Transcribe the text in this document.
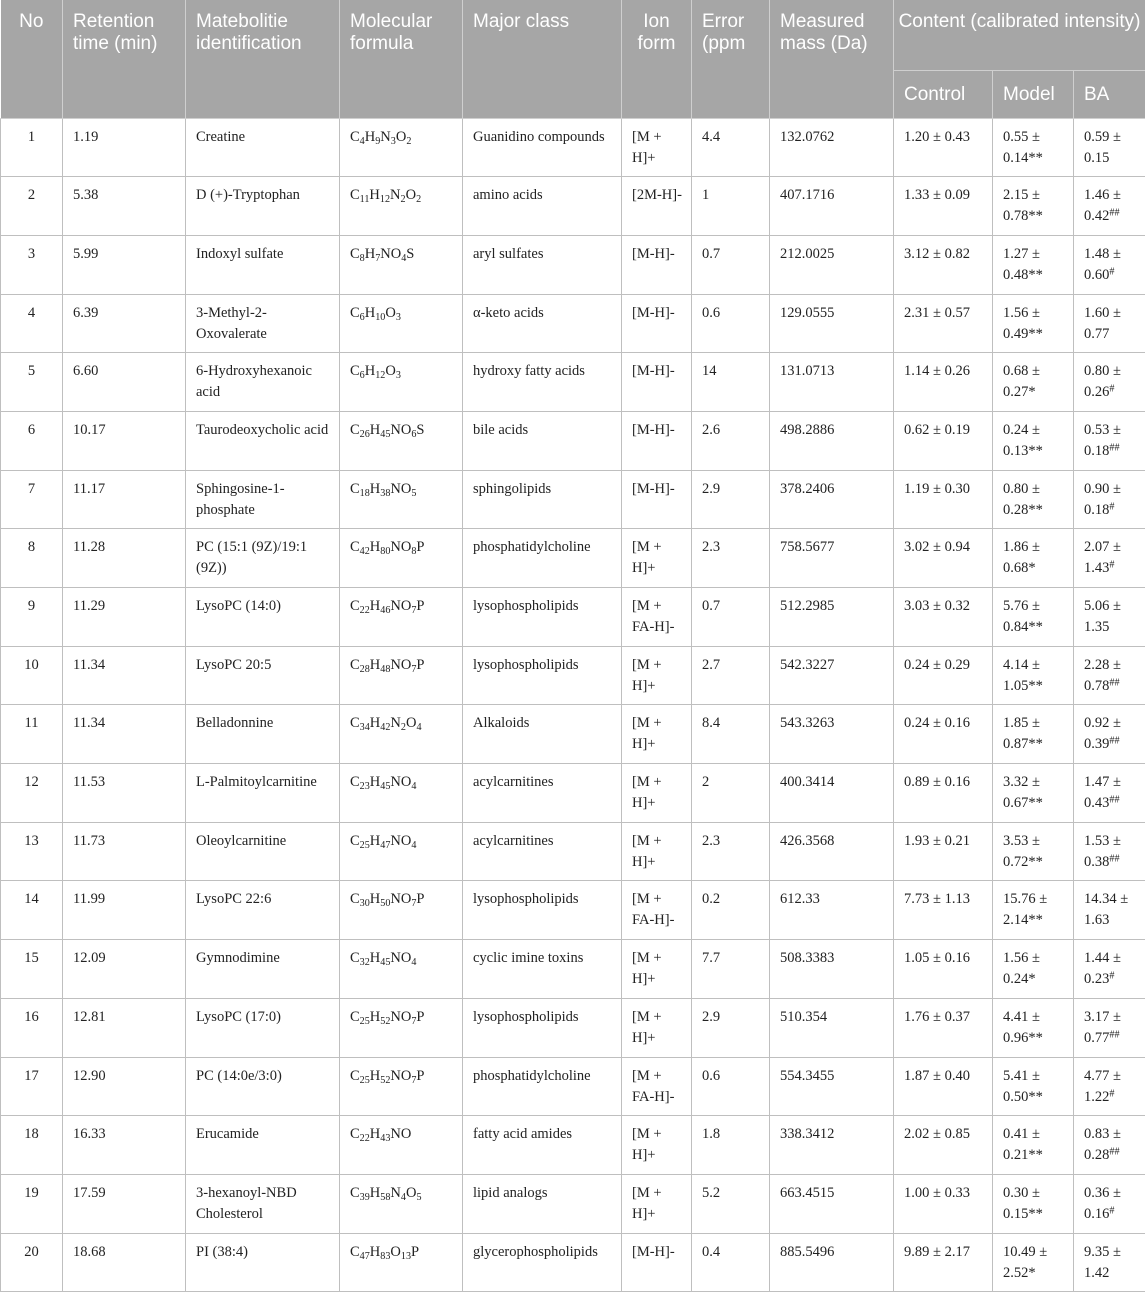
No	Retention time (min)	Matebolitie identification	Molecular formula	Major class	Ion form	Error (ppm	Measured mass (Da)	Content (calibrated intensity)		
								Control	Model	BA
1	1.19	Creatine	$C_4H_9N_3O_2$	Guanidino compounds	[M + H]+	4.4	132.0762	1.20 ± 0.43	0.55 ± 0.14**	0.59 ± 0.15
2	5.38	D (+)-Tryptophan	$C_{11}H_{12}N_2O_2$	amino acids	[2M-H]-	1	407.1716	1.33 ± 0.09	2.15 ± 0.78**	1.46 ± 0.42##
3	5.99	Indoxyl sulfate	$C_8H_7NO_4S$	aryl sulfates	[M-H]-	0.7	212.0025	3.12 ± 0.82	1.27 ± 0.48**	1.48 ± 0.60#
4	6.39	3-Methyl-2-Oxovalerate	$C_6H_{10}O_3$	α-keto acids	[M-H]-	0.6	129.0555	2.31 ± 0.57	1.56 ± 0.49**	1.60 ± 0.77
5	6.60	6-Hydroxyhexanoic acid	$C_6H_{12}O_3$	hydroxy fatty acids	[M-H]-	14	131.0713	1.14 ± 0.26	0.68 ± 0.27*	0.80 ± 0.26#
6	10.17	Taurodeoxycholic acid	$C_{26}H_{45}NO_6S$	bile acids	[M-H]-	2.6	498.2886	0.62 ± 0.19	0.24 ± 0.13**	0.53 ± 0.18##
7	11.17	Sphingosine-1-phosphate	$C_{18}H_{38}NO_5$	sphingolipids	[M-H]-	2.9	378.2406	1.19 ± 0.30	0.80 ± 0.28**	0.90 ± 0.18#
8	11.28	PC (15:1 (9Z)/19:1 (9Z))	$C_{42}H_{80}NO_8P$	phosphatidylcholine	[M + H]+	2.3	758.5677	3.02 ± 0.94	1.86 ± 0.68*	2.07 ± 1.43#
9	11.29	LysoPC (14:0)	$C_{22}H_{46}NO_7P$	lysophospholipids	[M + FA-H]-	0.7	512.2985	3.03 ± 0.32	5.76 ± 0.84**	5.06 ± 1.35
10	11.34	LysoPC 20:5	$C_{28}H_{48}NO_7P$	lysophospholipids	[M + H]+	2.7	542.3227	0.24 ± 0.29	4.14 ± 1.05**	2.28 ± 0.78##
11	11.34	Belladonnine	$C_{34}H_{42}N_2O_4$	Alkaloids	[M + H]+	8.4	543.3263	0.24 ± 0.16	1.85 ± 0.87**	0.92 ± 0.39##
12	11.53	L-Palmitoylcarnitine	$C_{23}H_{45}NO_4$	acylcarnitines	[M + H]+	2	400.3414	0.89 ± 0.16	3.32 ± 0.67**	1.47 ± 0.43##
13	11.73	Oleoylcarnitine	$C_{25}H_{47}NO_4$	acylcarnitines	[M + H]+	2.3	426.3568	1.93 ± 0.21	3.53 ± 0.72**	1.53 ± 0.38##
14	11.99	LysoPC 22:6	$C_{30}H_{50}NO_7P$	lysophospholipids	[M + FA-H]-	0.2	612.33	7.73 ± 1.13	15.76 ± 2.14**	14.34 ± 1.63
15	12.09	Gymnodimine	$C_{32}H_{45}NO_4$	cyclic imine toxins	[M + H]+	7.7	508.3383	1.05 ± 0.16	1.56 ± 0.24*	1.44 ± 0.23#
16	12.81	LysoPC (17:0)	$C_{25}H_{52}NO_7P$	lysophospholipids	[M + H]+	2.9	510.354	1.76 ± 0.37	4.41 ± 0.96**	3.17 ± 0.77##
17	12.90	PC (14:0e/3:0)	$C_{25}H_{52}NO_7P$	phosphatidylcholine	[M + FA-H]-	0.6	554.3455	1.87 ± 0.40	5.41 ± 0.50**	4.77 ± 1.22#
18	16.33	Erucamide	$C_{22}H_{43}NO$	fatty acid amides	[M + H]+	1.8	338.3412	2.02 ± 0.85	0.41 ± 0.21**	0.83 ± 0.28##
19	17.59	3-hexanoyl-NBD Cholesterol	$C_{39}H_{58}N_4O_5$	lipid analogs	[M + H]+	5.2	663.4515	1.00 ± 0.33	0.30 ± 0.15**	0.36 ± 0.16#
20	18.68	PI (38:4)	$C_{47}H_{83}O_{13}P$	glycerophospholipids	[M-H]-	0.4	885.5496	9.89 ± 2.17	10.49 ± 2.52*	9.35 ± 1.42
